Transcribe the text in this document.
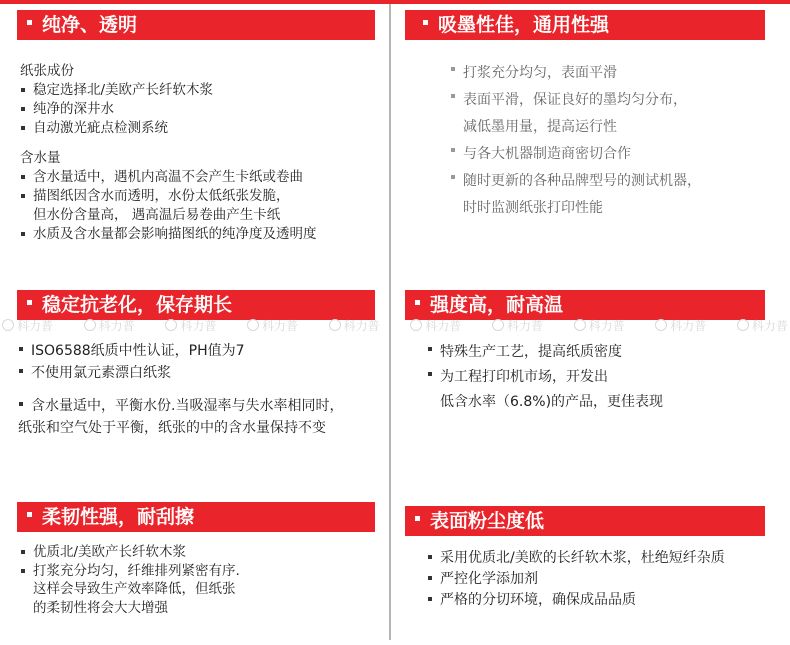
纯净、透明	吸墨性佳，通用性强
稳定抗老化，保存期长	强度高，耐高温
柔韧性强，耐刮擦	表面粉尘度低
纸张成份
稳定选择北/美欧产长纤软木浆
纯净的深井水
自动激光疵点检测系统
含水量
含水量适中，遇机内高温不会产生卡纸或卷曲
描图纸因含水而透明，水份太低纸张发脆，
但水份含量高， 遇高温后易卷曲产生卡纸
水质及含水量都会影响描图纸的纯净度及透明度
打浆充分均匀，表面平滑
表面平滑，保证良好的墨均匀分布，
减低墨用量，提高运行性
与各大机器制造商密切合作
随时更新的各种品牌型号的测试机器，
时时监测纸张打印性能
ISO6588纸质中性认证，PH值为7
不使用氯元素漂白纸浆
含水量适中，平衡水份.当吸湿率与失水率相同时，
纸张和空气处于平衡，纸张的中的含水量保持不变
特殊生产工艺，提高纸质密度
为工程打印机市场，开发出
低含水率（6.8%)的产品，更佳表现
优质北/美欧产长纤软木浆
打浆充分均匀，纤维排列紧密有序.
这样会导致生产效率降低，但纸张
的柔韧性将会大大增强
采用优质北/美欧的长纤软木浆，杜绝短纤杂质
严控化学添加剂
严格的分切环境，确保成品品质
科力普	科力普	科力普	科力普	科力普	科力普	科力普	科力普	科力普	科力普
